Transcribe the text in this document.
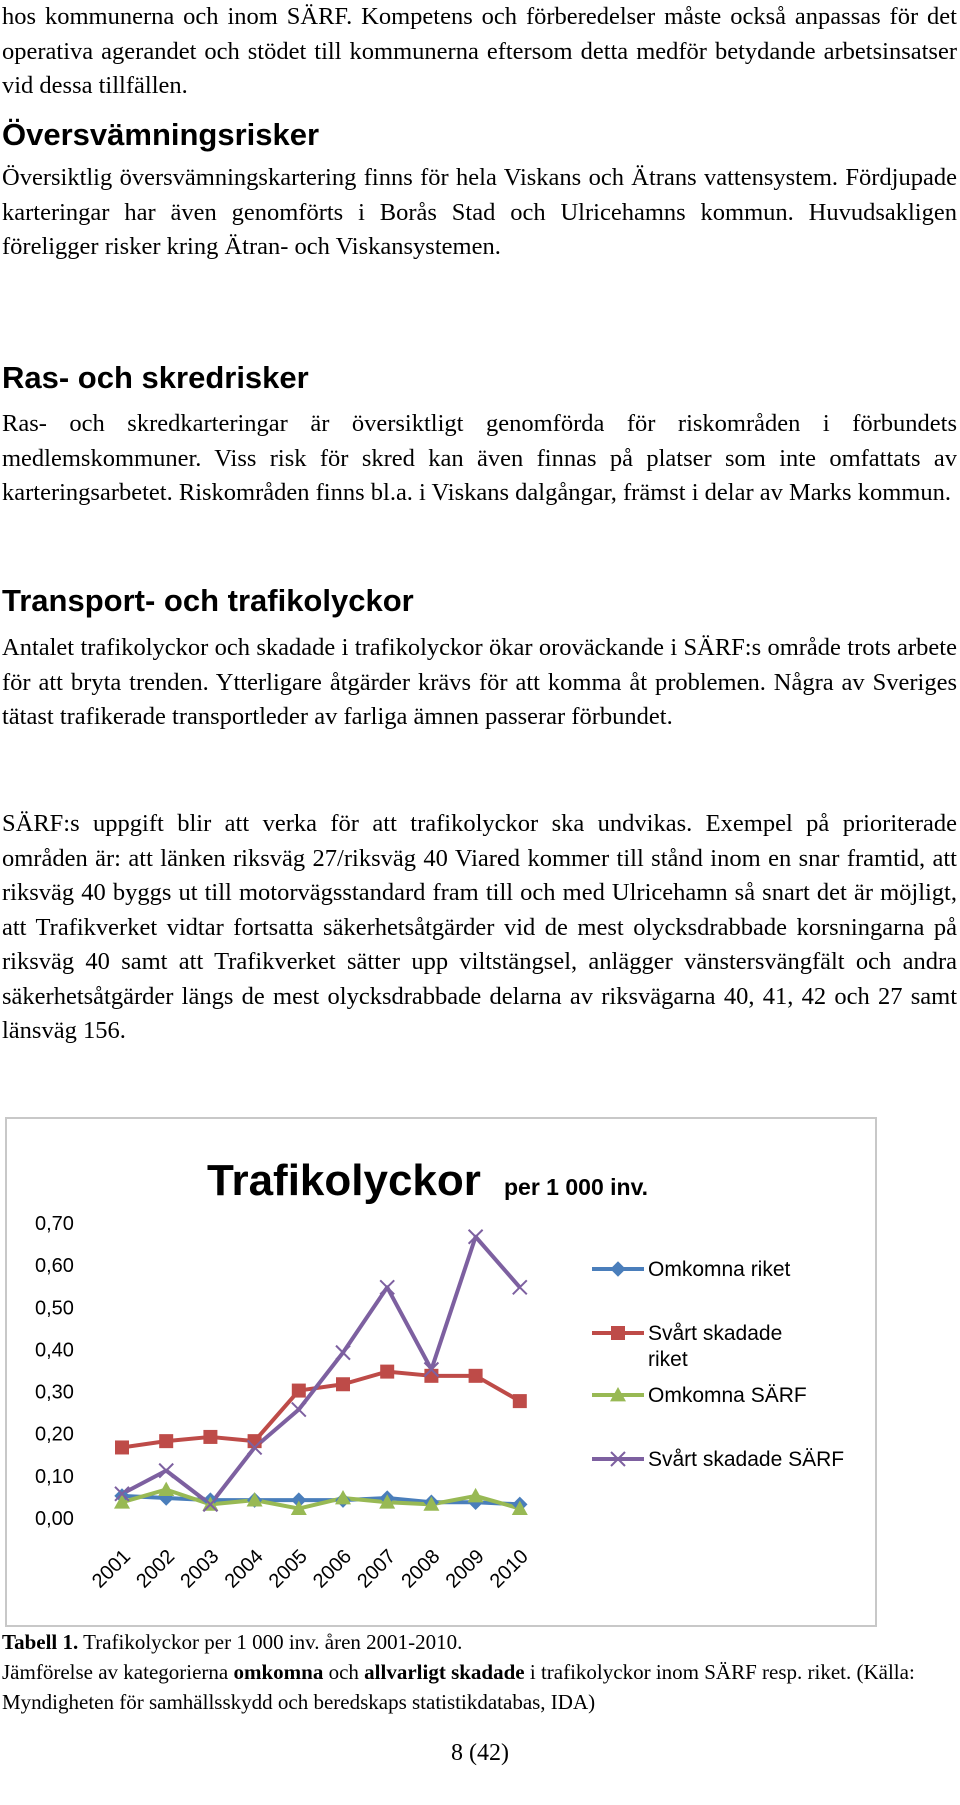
hos kommunerna och inom SÄRF. Kompetens och förberedelser måste också anpassas för det operativa agerandet och stödet till kommunerna eftersom detta medför betydande arbetsinsatser vid dessa tillfällen.

Översvämningsrisker

Översiktlig översvämningskartering finns för hela Viskans och Ätrans vattensystem. Fördjupade karteringar har även genomförts i Borås Stad och Ulricehamns kommun. Huvudsakligen föreligger risker kring Ätran- och Viskansystemen.

Ras- och skredrisker

Ras- och skredkarteringar är översiktligt genomförda för riskområden i förbundets medlemskommuner. Viss risk för skred kan även finnas på platser som inte omfattats av karteringsarbetet. Riskområden finns bl.a. i Viskans dalgångar, främst i delar av Marks kommun.

Transport- och trafikolyckor

Antalet trafikolyckor och skadade i trafikolyckor ökar oroväckande i SÄRF:s område trots arbete för att bryta trenden. Ytterligare åtgärder krävs för att komma åt problemen. Några av Sveriges tätast trafikerade transportleder av farliga ämnen passerar förbundet.

SÄRF:s uppgift blir att verka för att trafikolyckor ska undvikas. Exempel på prioriterade områden är: att länken riksväg 27/riksväg 40 Viared kommer till stånd inom en snar framtid, att riksväg 40 byggs ut till motorvägsstandard fram till och med Ulricehamn så snart det är möjligt, att Trafikverket vidtar fortsatta säkerhetsåtgärder vid de mest olycksdrabbade korsningarna på riksväg 40 samt att Trafikverket sätter upp viltstängsel, anlägger vänstersvängfält och andra säkerhetsåtgärder längs de mest olycksdrabbade delarna av riksvägarna 40, 41, 42 och 27 samt länsväg 156.

Trafikolyckor per 1 000 inv.
0,00
0,10
0,20
0,30
0,40
0,50
0,60
0,70
2001
2002
2003
2004
2005
2006
2007
2008
2009
2010
Omkomna riket
Svårt skadade
riket
Omkomna SÄRF
Svårt skadade SÄRF

Tabell 1. Trafikolyckor per 1 000 inv. åren 2001-2010.
Jämförelse av kategorierna omkomna och allvarligt skadade i trafikolyckor inom SÄRF resp. riket. (Källa: Myndigheten för samhällsskydd och beredskaps statistikdatabas, IDA)

8 (42)
